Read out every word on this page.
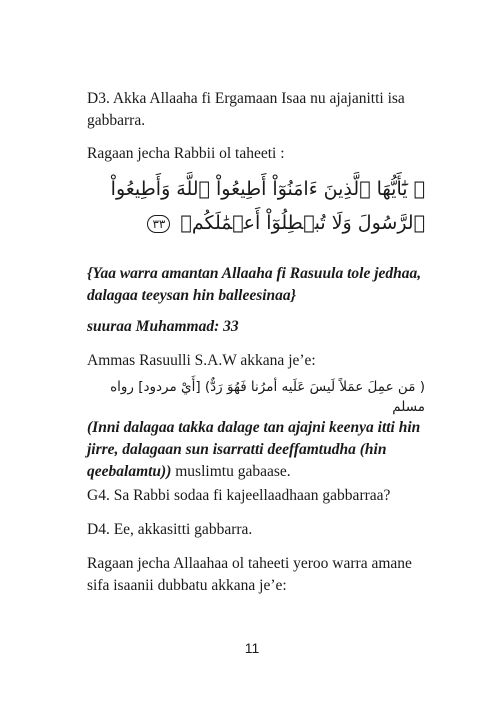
D3. Akka Allaaha fi Ergamaan Isaa nu ajajanitti isa gabbarra.

Ragaan jecha Rabbii ol taheeti :

۞ يَٰٓأَيُّهَا ٱلَّذِينَ ءَامَنُوٓاْ أَطِيعُواْ ٱللَّهَ وَأَطِيعُواْ ٱلرَّسُولَ وَلَا تُبۡطِلُوٓاْ أَعۡمَٰلَكُمۡ ٣٣

{Yaa warra amantan Allaaha fi Rasuula tole jedhaa, dalagaa teeysan hin balleesinaa}

suuraa Muhammad: 33

Ammas Rasuulli S.A.W akkana je’e:

( مَن عمِلَ عمَلاً لَيسَ عَلَيه أمرُنا فَهُوَ رَدٌّ) [أَيْ مردود] رواه مسلم

(Inni dalagaa takka dalage tan ajajni keenya itti hin jirre, dalagaan sun isarratti deeffamtudha (hin qeebalamtu)) muslimtu gabaase.

G4. Sa Rabbi sodaa fi kajeellaadhaan gabbarraa?

D4. Ee, akkasitti gabbarra.

Ragaan jecha Allaahaa ol taheeti yeroo warra amane sifa isaanii dubbatu akkana je’e:

11
